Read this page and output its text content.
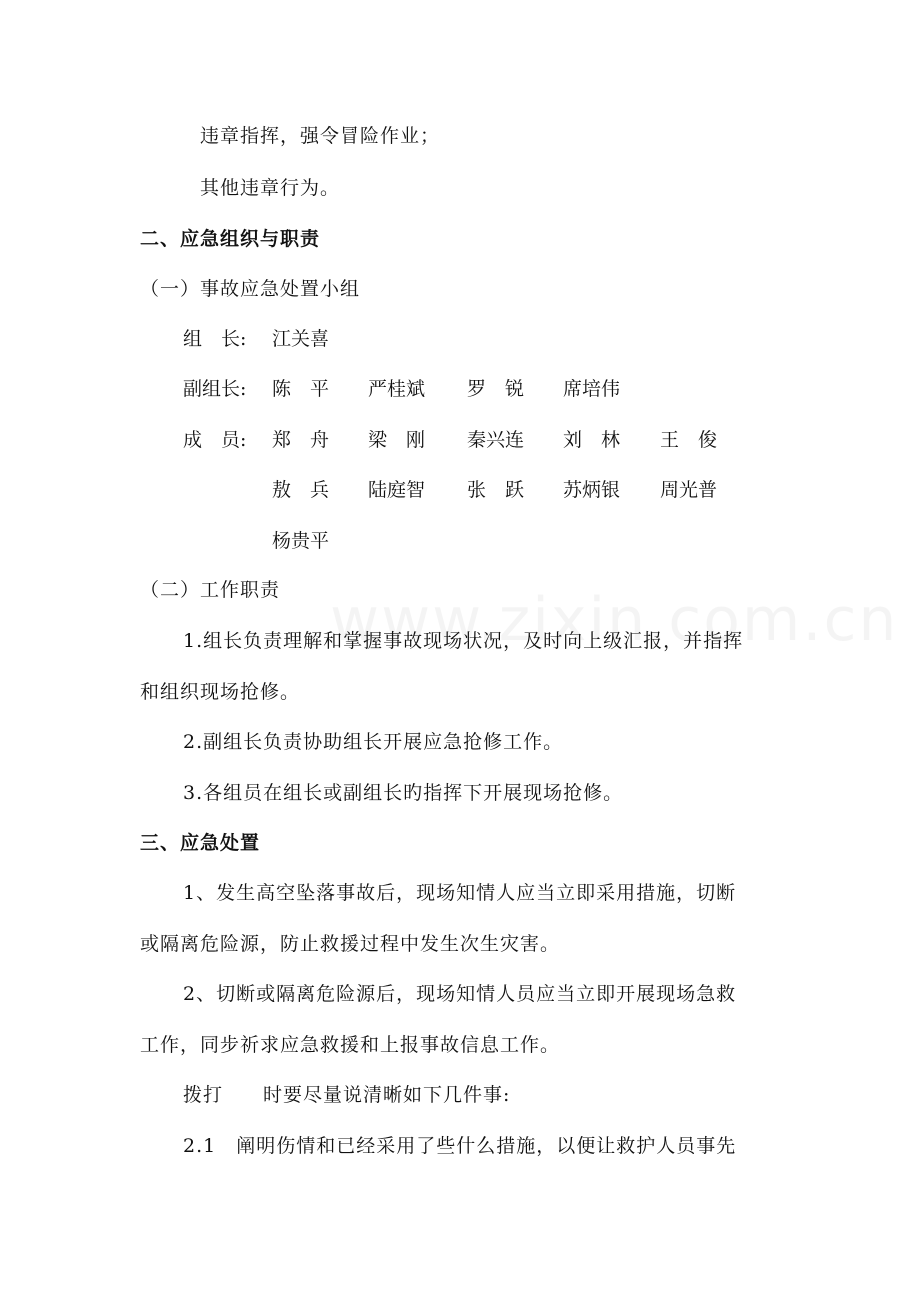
违章指挥，强令冒险作业；
其他违章行为。
二、应急组织与职责
（一）事故应急处置小组
组　长: 江关喜
副组长: 陈　平 严桂斌 罗　锐 席培伟
成　员: 郑　舟 梁　刚 秦兴连 刘　林 王　俊
敖　兵 陆庭智 张　跃 苏炳银 周光普
杨贵平
（二）工作职责
1.组长负责理解和掌握事故现场状况，及时向上级汇报，并指挥
和组织现场抢修。
2.副组长负责协助组长开展应急抢修工作。
3.各组员在组长或副组长旳指挥下开展现场抢修。
三、应急处置
1、发生高空坠落事故后，现场知情人应当立即采用措施，切断
或隔离危险源，防止救援过程中发生次生灾害。
2、切断或隔离危险源后，现场知情人员应当立即开展现场急救
工作，同步祈求应急救援和上报事故信息工作。
拨打　　时要尽量说清晰如下几件事:
2.1　阐明伤情和已经采用了些什么措施，以便让救护人员事先
